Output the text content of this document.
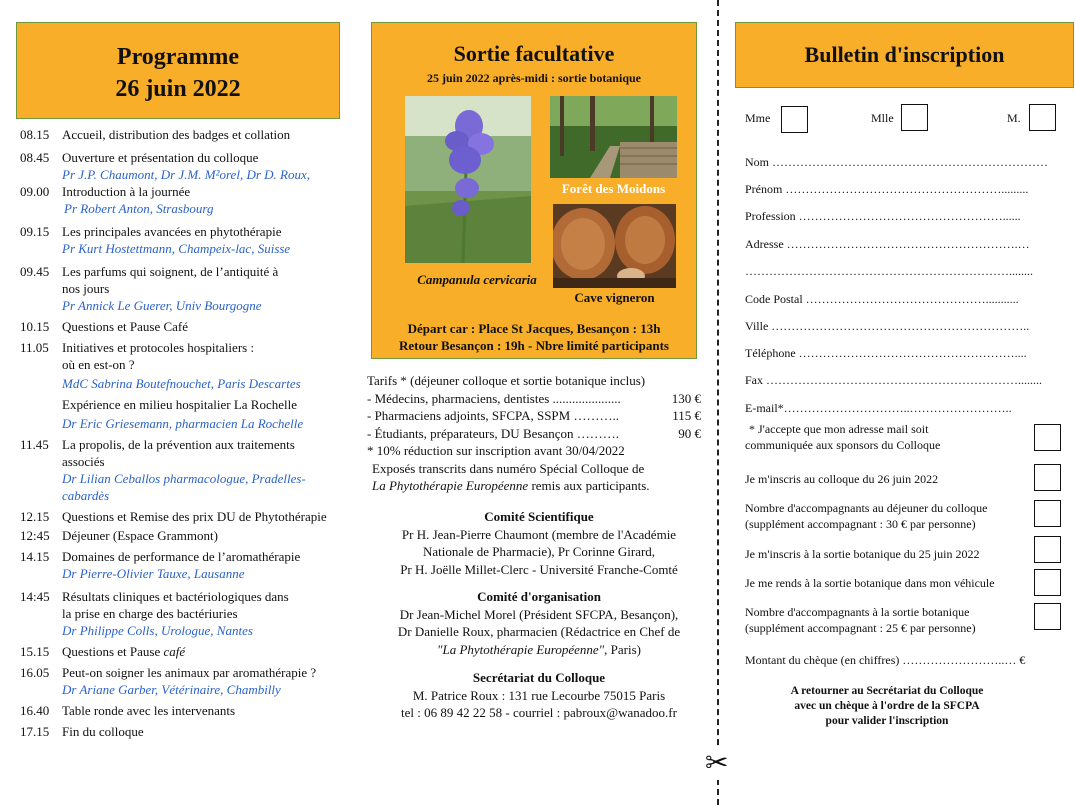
Programme
26 juin 2022
08.15 Accueil, distribution des badges et collation
08.45 Ouverture et présentation du colloque
Pr J.P. Chaumont, Dr J.M. M²orel, Dr D. Roux,
09.00 Introduction à la journée
Pr Robert Anton, Strasbourg
09.15 Les principales avancées en phytothérapie
Pr Kurt Hostettmann, Champeix-lac, Suisse
09.45 Les parfums qui soignent, de l’antiquité à
nos jours
Pr Annick Le Guerer, Univ Bourgogne
10.15 Questions et Pause Café
11.05	Initiatives et protocoles hospitaliers :
où en est-on ?
MdC Sabrina Boutefnouchet, Paris Descartes
Expérience en milieu hospitalier La Rochelle
Dr Eric Griesemann, pharmacien La Rochelle
11.45	La propolis, de la prévention aux traitements
associés
Dr Lilian Ceballos pharmacologue, Pradelles-
cabardès
12.15 Questions et Remise des prix DU de Phytothérapie
12:45 Déjeuner (Espace Grammont)
14.15 Domaines de performance de l’aromathérapie
Dr Pierre-Olivier Tauxe, Lausanne
14:45 Résultats cliniques et bactériologiques dans
la prise en charge des bactériuries
Dr Philippe Colls, Urologue, Nantes
15.15 Questions et Pause café
16.05 Peut-on soigner les animaux par aromathérapie ?
Dr Ariane Garber, Vétérinaire, Chambilly
16.40 Table ronde avec les intervenants
17.15 Fin du colloque
Sortie facultative
25 juin 2022 après-midi : sortie botanique
Forêt des Moidons
Campanula cervicaria
Cave vigneron
Départ car : Place St Jacques, Besançon : 13h
Retour Besançon : 19h - Nbre limité participants
Tarifs * (déjeuner colloque et sortie botanique inclus)
- Médecins, pharmaciens, dentistes .....................	130 €
- Pharmaciens adjoints, SFCPA, SSPM ………..	115 €
- Étudiants, préparateurs, DU Besançon ……….	90 €
* 10% réduction sur inscription avant 30/04/2022
Exposés transcrits dans numéro Spécial Colloque de
La Phytothérapie Européenne remis aux participants.
Comité Scientifique
Pr H. Jean-Pierre Chaumont (membre de l'Académie
Nationale de Pharmacie), Pr Corinne Girard,
Pr H. Joëlle Millet-Clerc - Université Franche-Comté
Comité d'organisation
Dr Jean-Michel Morel (Président SFCPA, Besançon),
Dr Danielle Roux, pharmacien (Rédactrice en Chef de
"La Phytothérapie Européenne", Paris)
Secrétariat du Colloque
M. Patrice Roux : 131 rue Lecourbe 75015 Paris
tel : 06 89 42 22 58 - courriel : pabroux@wanadoo.fr
✂
Bulletin d'inscription
Mme	Mlle	M.
Nom ……………………………………………………………
Prénom ……………………………………………….........
Profession ……………………………………………......
Adresse ………………………………………………….…
…………………………………………………………........
Code Postal ………………………………………...........
Ville ………………………………………………………..
Téléphone ………………………………………………....
Fax ………………………………………………………........
E-mail*…………………………..……………………..
* J'accepte que mon adresse mail soit
communiquée aux sponsors du Colloque
Je m'inscris au colloque du 26 juin 2022
Nombre d'accompagnants au déjeuner du colloque
(supplément accompagnant : 30 € par personne)
Je m'inscris à la sortie botanique du 25 juin 2022
Je me rends à la sortie botanique dans mon véhicule
Nombre d'accompagnants à la sortie botanique
(supplément accompagnant : 25 € par personne)
Montant du chèque (en chiffres) ……………………..… €
A retourner au Secrétariat du Colloque
avec un chèque à l'ordre de la SFCPA
pour valider l'inscription
